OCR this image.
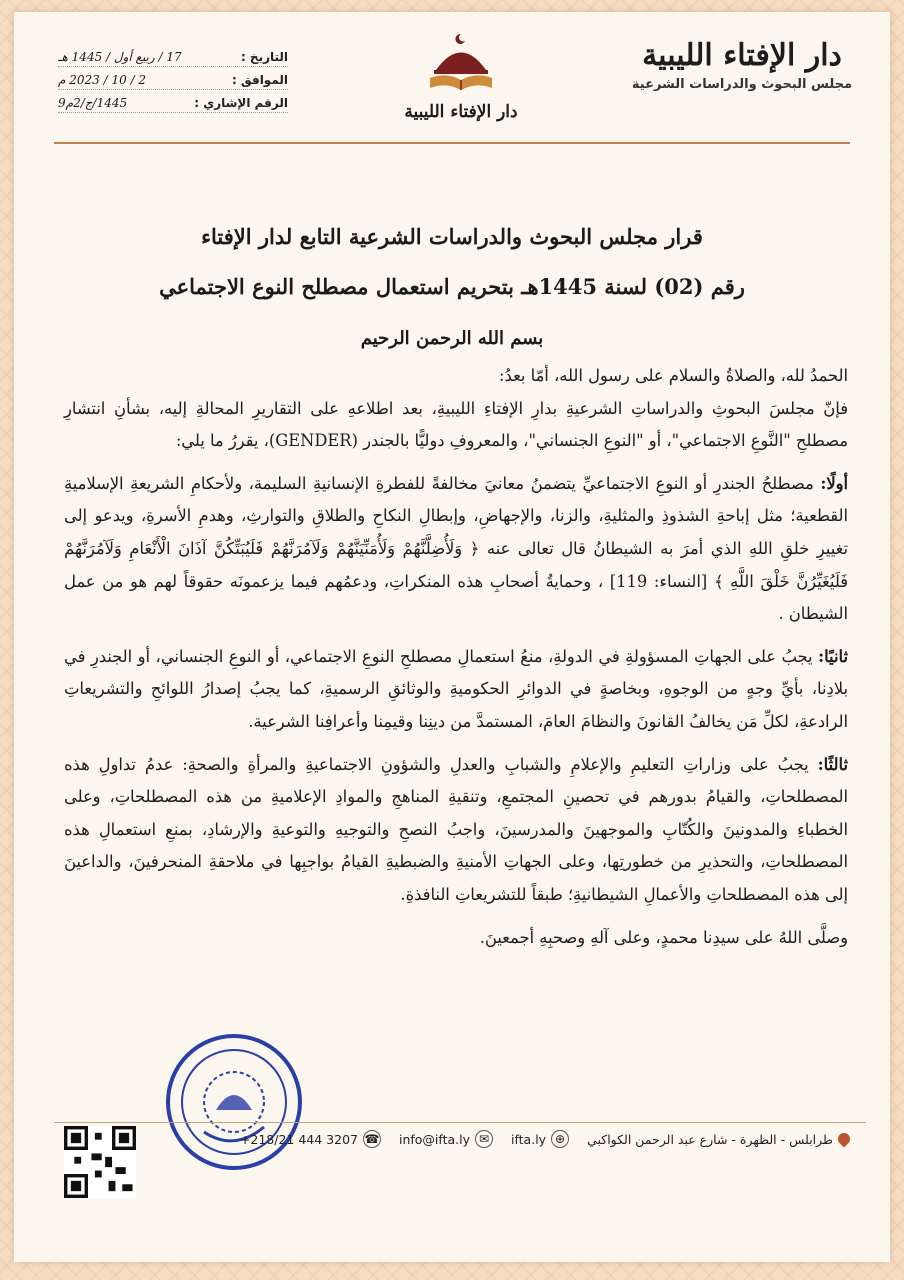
دار الإفتاء الليبية
مجلس البحوث والدراسات الشرعية
دار الإفتاء الليبية
التاريخ :
17 / ربيع أول / 1445 هـ
الموافق :
2 / 10 / 2023 م
الرقم الإشاري :
1445/ج/2م9
قرار مجلس البحوث والدراسات الشرعية التابع لدار الإفتاء
رقم (02) لسنة 1445هـ بتحريم استعمال مصطلح النوع الاجتماعي
بسم الله الرحمن الرحيم

الحمدُ لله، والصلاةُ والسلام على رسول الله، أمّا بعدُ:

فإنّ مجلسَ البحوثِ والدراساتِ الشرعيةِ بدارِ الإفتاءِ الليبيةِ، بعد اطلاعهِ على التقاريرِ المحالةِ إليه، بشأنِ انتشارِ مصطلحِ "النَّوعِ الاجتماعي"، أو "النوعِ الجنساني"، والمعروفِ دوليًّا بالجندر (GENDER)، يقررُ ما يلي:

أولًا: مصطلحُ الجندرِ أو النوعِ الاجتماعيِّ يتضمنُ معانيَ مخالفةً للفطرةِ الإنسانيةِ السليمة، ولأحكامِ الشريعةِ الإسلاميةِ القطعية؛ مثل إباحةِ الشذوذِ والمثليةِ، والزنا، والإجهاضِ، وإبطالِ النكاحِ والطلاقِ والتوارثِ، وهدمِ الأسرةِ، ويدعو إلى تغييرِ خلقِ اللهِ الذي أمرَ به الشيطانُ قال تعالى عنه ﴿ وَلَأُضِلَّنَّهُمْ وَلَأُمَنِّيَنَّهُمْ وَلَآمُرَنَّهُمْ فَلَيُبَتِّكُنَّ آذَانَ الْأَنْعَامِ وَلَآمُرَنَّهُمْ فَلَيُغَيِّرُنَّ خَلْقَ اللَّهِ ﴾ [النساء: 119] ، وحمايةُ أصحابِ هذه المنكراتِ، ودعمُهم فيما يزعمونَه حقوقاً لهم هو من عمل الشيطان .

ثانيًا: يجبُ على الجهاتِ المسؤولةِ في الدولةِ، منعُ استعمالِ مصطلحِ النوعِ الاجتماعي، أو النوعِ الجنساني، أو الجندرِ في بلادِنا، بأيِّ وجهٍ من الوجوهِ، وبخاصةٍ في الدوائرِ الحكوميةِ والوثائقِ الرسميةِ، كما يجبُ إصدارُ اللوائحِ والتشريعاتِ الرادعةِ، لكلِّ مَن يخالفُ القانونَ والنظامَ العامَ، المستمدَّ من دينِنا وقيمِنا وأعرافِنا الشرعية.

ثالثًا: يجبُ على وزاراتِ التعليمِ والإعلامِ والشبابِ والعدلِ والشؤونِ الاجتماعيةِ والمرأةِ والصحةِ: عدمُ تداولِ هذه المصطلحاتِ، والقيامُ بدورهم في تحصينِ المجتمعِ، وتنقيةِ المناهجِ والموادِ الإعلاميةِ من هذه المصطلحاتِ، وعلى الخطباءِ والمدونينَ والكُتّابِ والموجهينَ والمدرسينَ، واجبُ النصحِ والتوجيهِ والتوعيةِ والإرشادِ، بمنعِ استعمالِ هذه المصطلحاتِ، والتحذيرِ من خطورتِها، وعلى الجهاتِ الأمنيةِ والضبطيةِ القيامُ بواجبِها في ملاحقةِ المنحرفينَ، والداعينَ إلى هذه المصطلحاتِ والأعمالِ الشيطانيةِ؛ طبقاً للتشريعاتِ النافذةِ.

وصلَّى اللهُ على سيدِنا محمدٍ، وعلى آلهِ وصحبِهِ أجمعينَ.

طرابلس - الظهرة - شارع عبد الرحمن الكواكبي
⊕
ifta.ly
✉
info@ifta.ly
☎
+218/21 444 3207
